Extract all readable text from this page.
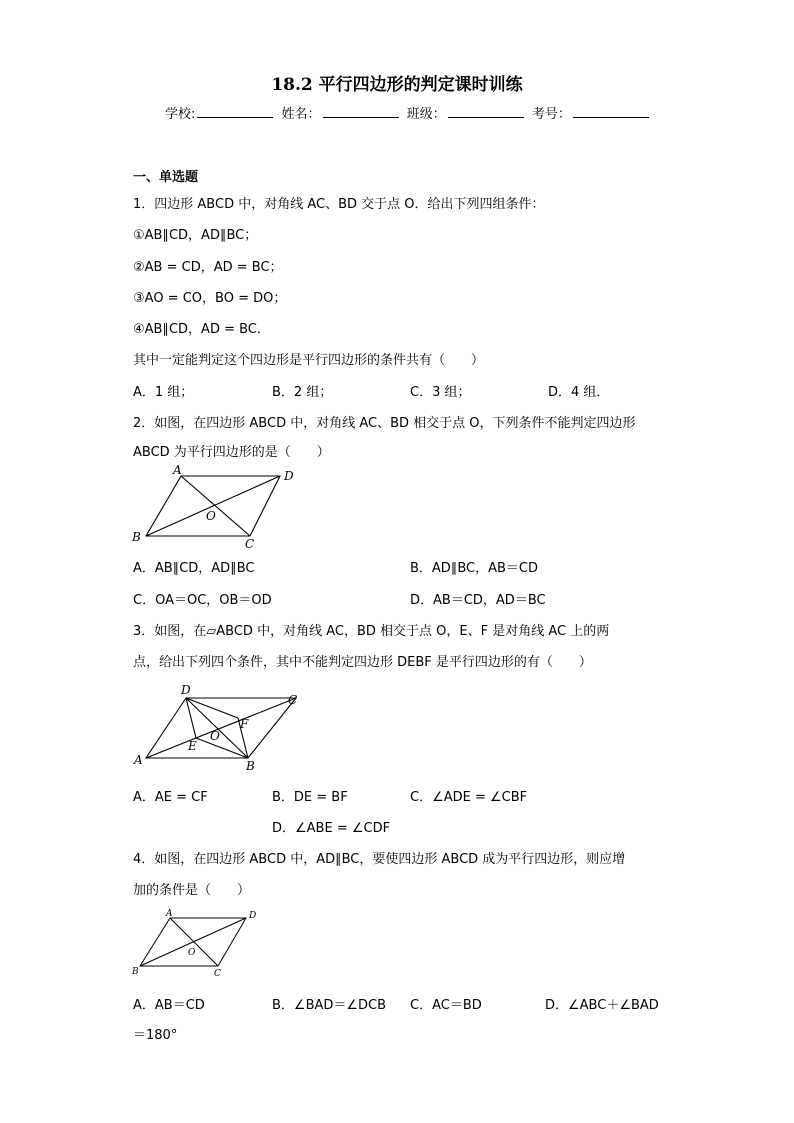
18.2 平行四边形的判定课时训练
学校:	姓名：	班级：	考号：
一、单选题
1．四边形 ABCD 中，对角线 AC、BD 交于点 O．给出下列四组条件：
①AB∥CD，AD∥BC；
②AB = CD，AD = BC；
③AO = CO，BO = DO；
④AB∥CD，AD = BC．
其中一定能判定这个四边形是平行四边形的条件共有（　　）
A．1 组；	B．2 组；	C．3 组；	D．4 组．
2．如图，在四边形 ABCD 中，对角线 AC、BD 相交于点 O，下列条件不能判定四边形
ABCD 为平行四边形的是（　　）
A	D
B	C
O
A．AB∥CD，AD∥BC	B．AD∥BC，AB＝CD
C．OA＝OC，OB＝OD	D．AB＝CD，AD＝BC
3．如图，在▱ABCD 中，对角线 AC，BD 相交于点 O，E、F 是对角线 AC 上的两
点，给出下列四个条件，其中不能判定四边形 DEBF 是平行四边形的有（　　）
D
C
A	B
O
E
F
A．AE = CF	B．DE = BF	C．∠ADE = ∠CBF
D．∠ABE = ∠CDF
4．如图，在四边形 ABCD 中，AD∥BC，要使四边形 ABCD 成为平行四边形，则应增
加的条件是（　　）
A	D
B	C
O
A．AB＝CD	B．∠BAD＝∠DCB C．AC＝BD	D．∠ABC＋∠BAD
＝180°
